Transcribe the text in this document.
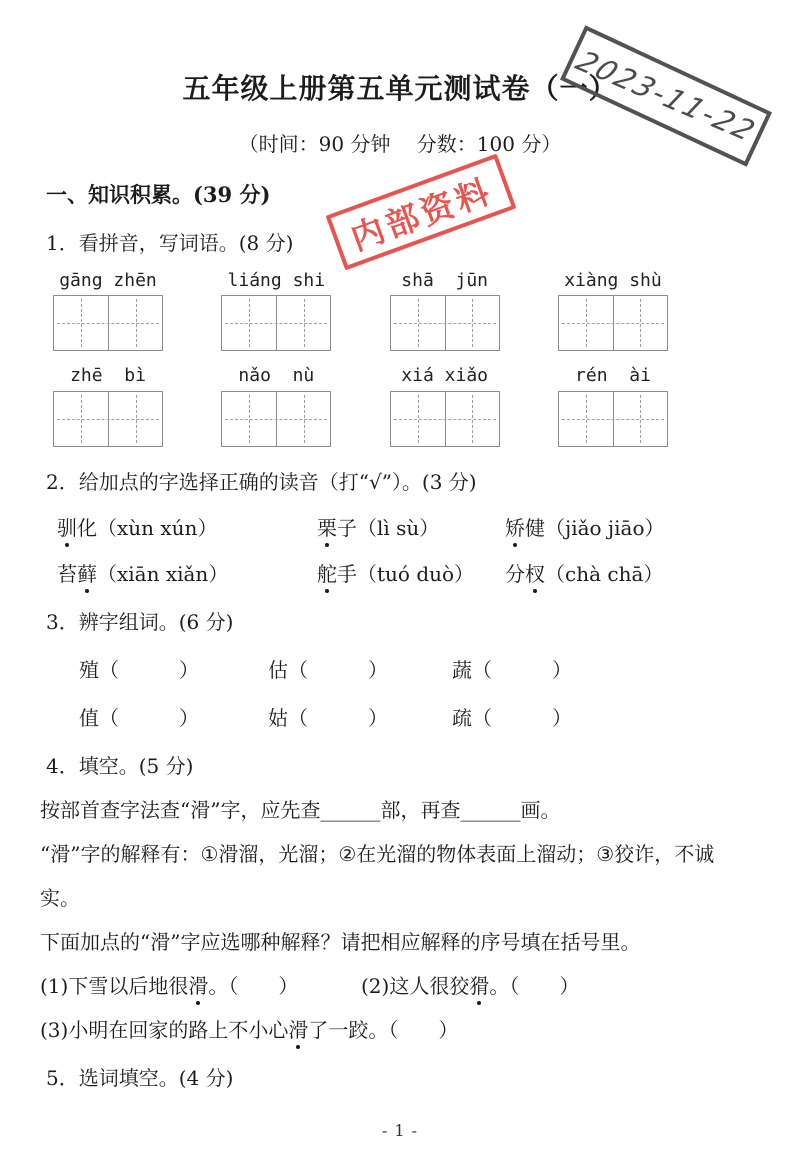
2023-11-22
内部资料
五年级上册第五单元测试卷（一）
（时间：90 分钟　 分数：100 分）
一、知识积累。(39 分)
1．看拼音，写词语。(8 分)
gāng zhēn	liáng shi	shā  jūn	xiàng shù
zhē  bì	nǎo  nù	xiá xiǎo	rén  ài
2．给加点的字选择正确的读音（打“√”）。(3 分)
驯化（xùn xún）	栗子（lì sù）	矫健（jiǎo jiāo）
苔藓（xiān xiǎn）	舵手（tuó duò）	分杈（chà chā）
3．辨字组词。(6 分)
殖（　　　）	估（　　　）	蔬（　　　）
值（　　　）	姑（　　　）	疏（　　　）
4．填空。(5 分)
按部首查字法查“滑”字，应先查______部，再查______画。
“滑”字的解释有：①滑溜，光溜；②在光溜的物体表面上溜动；③狡诈，不诚
实。
下面加点的“滑”字应选哪种解释？请把相应解释的序号填在括号里。
(1)下雪以后地很滑。（　　）	(2)这人很狡猾。（　　）
(3)小明在回家的路上不小心滑了一跤。（　　）
5．选词填空。(4 分)
- 1 -
